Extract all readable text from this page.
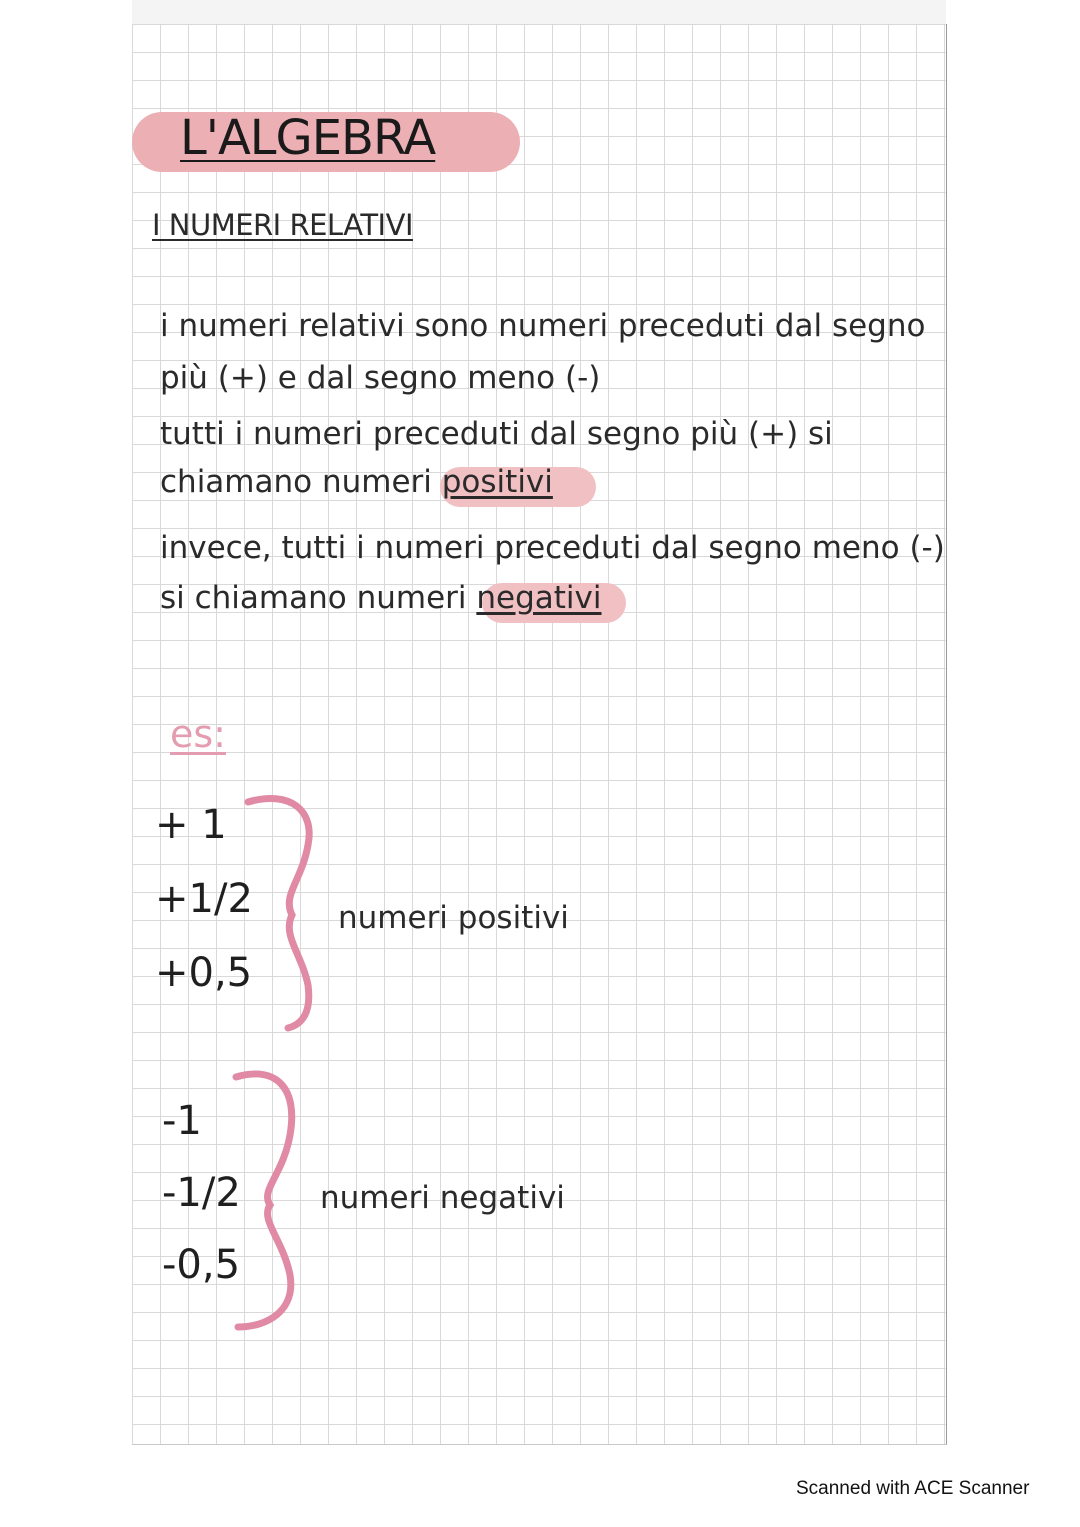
L'ALGEBRA
I NUMERI RELATIVI
i numeri relativi sono numeri preceduti dal segno
più (+) e dal segno meno (-)
tutti i numeri preceduti dal segno più (+) si
chiamano numeri positivi
invece, tutti i numeri preceduti dal segno meno (-)
si chiamano numeri negativi
es:
+ 1
+1/2
+0,5
numeri positivi
-1
-1/2
-0,5
numeri negativi
Scanned with ACE Scanner
